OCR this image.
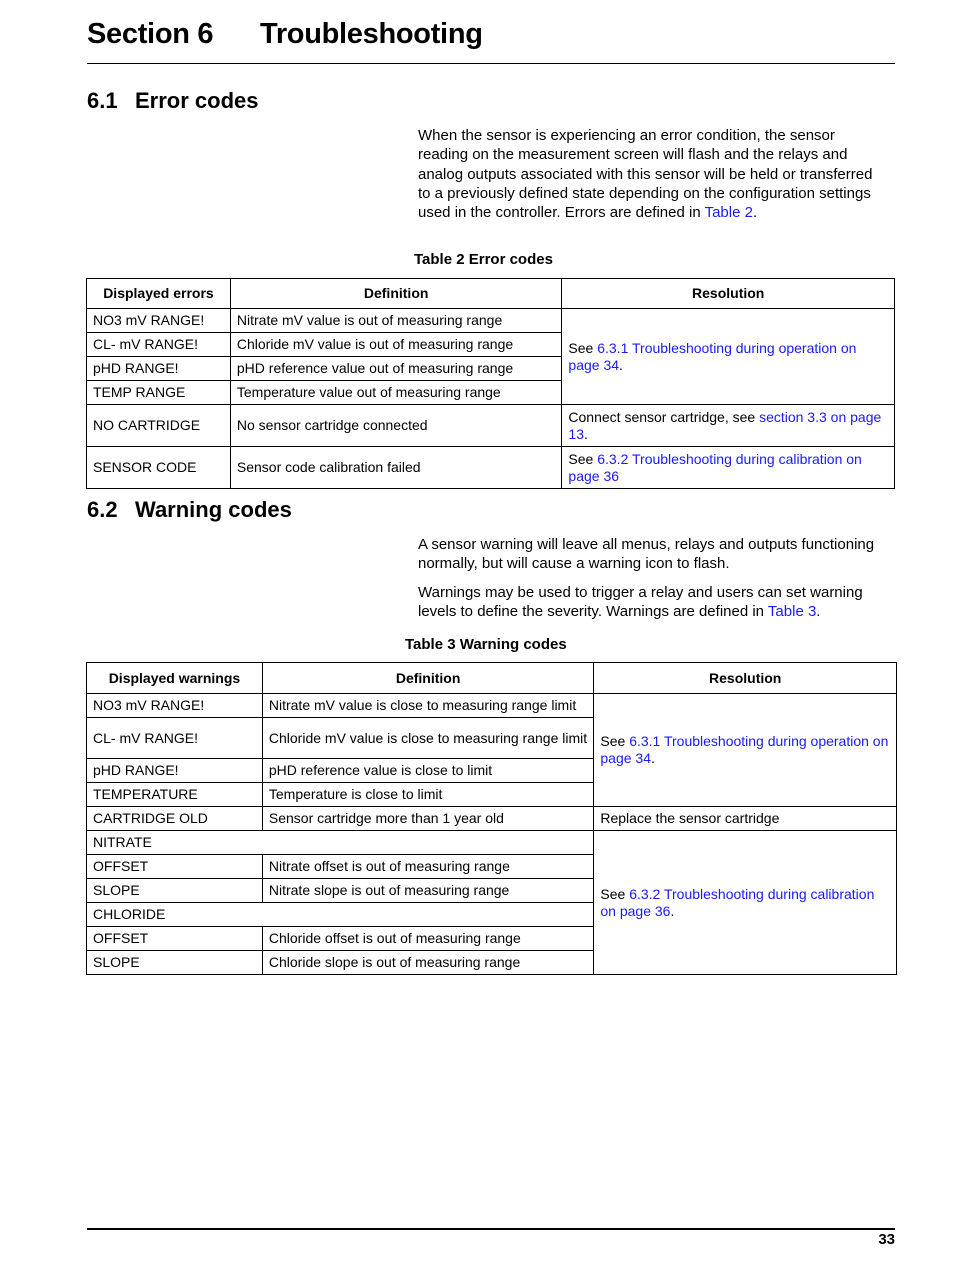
Section 6 Troubleshooting
6.1 Error codes

When the sensor is experiencing an error condition, the sensor reading on the measurement screen will flash and the relays and analog outputs associated with this sensor will be held or transferred to a previously defined state depending on the configuration settings used in the controller. Errors are defined in Table 2.

Table 2 Error codes

Displayed errors	Definition	Resolution
NO3 mV RANGE!	Nitrate mV value is out of measuring range	See 6.3.1 Troubleshooting during operation on page 34.
CL- mV RANGE!	Chloride mV value is out of measuring range	
pHD RANGE!	pHD reference value out of measuring range	
TEMP RANGE	Temperature value out of measuring range	
NO CARTRIDGE	No sensor cartridge connected	Connect sensor cartridge, see section 3.3 on page 13.
SENSOR CODE	Sensor code calibration failed	See 6.3.2 Troubleshooting during calibration on page 36
6.2 Warning codes

A sensor warning will leave all menus, relays and outputs functioning normally, but will cause a warning icon to flash.

Warnings may be used to trigger a relay and users can set warning levels to define the severity. Warnings are defined in Table 3.

Table 3 Warning codes

Displayed warnings	Definition	Resolution
NO3 mV RANGE!	Nitrate mV value is close to measuring range limit	See 6.3.1 Troubleshooting during operation on page 34.
CL- mV RANGE!	Chloride mV value is close to measuring range limit	
pHD RANGE!	pHD reference value is close to limit	
TEMPERATURE	Temperature is close to limit	
CARTRIDGE OLD	Sensor cartridge more than 1 year old	Replace the sensor cartridge
NITRATE		See 6.3.2 Troubleshooting during calibration on page 36.
OFFSET	Nitrate offset is out of measuring range	
SLOPE	Nitrate slope is out of measuring range	
CHLORIDE		
OFFSET	Chloride offset is out of measuring range	
SLOPE	Chloride slope is out of measuring range	
33
